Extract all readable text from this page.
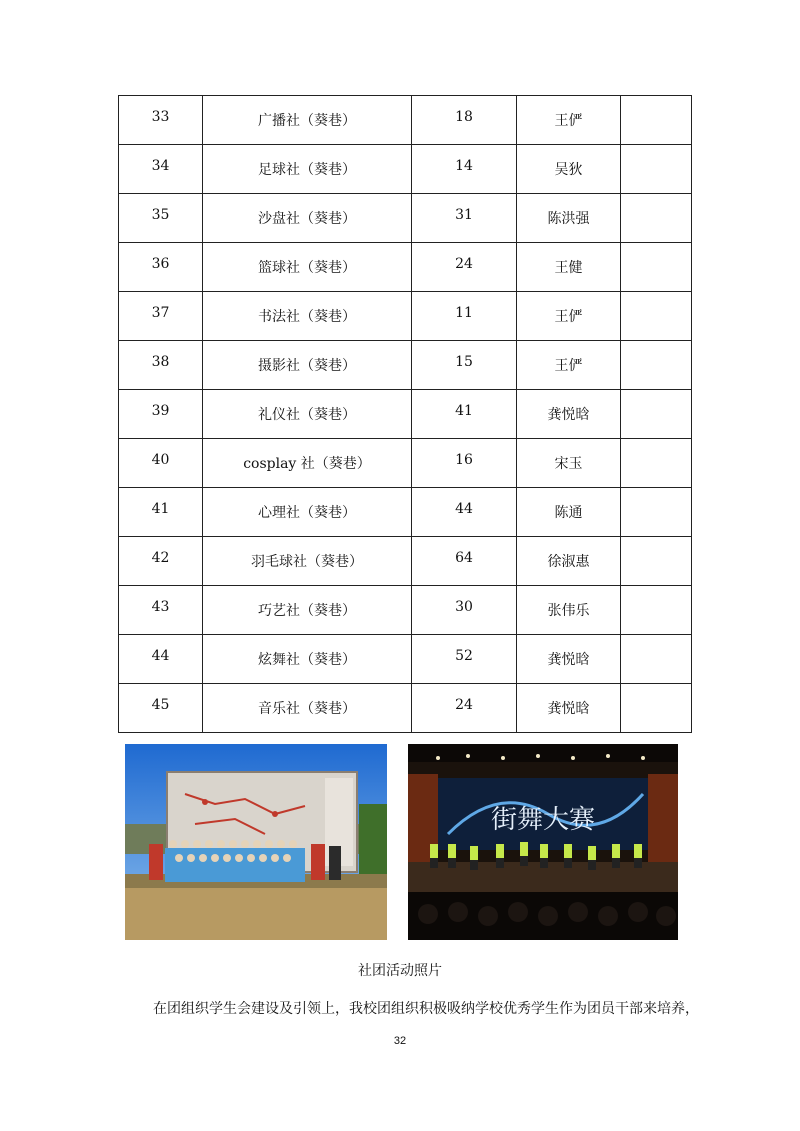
33	广播社（葵巷）	18	王俨	
34	足球社（葵巷）	14	吴狄	
35	沙盘社（葵巷）	31	陈洪强	
36	篮球社（葵巷）	24	王健	
37	书法社（葵巷）	11	王俨	
38	摄影社（葵巷）	15	王俨	
39	礼仪社（葵巷）	41	龚悦晗	
40	cosplay 社（葵巷）	16	宋玉	
41	心理社（葵巷）	44	陈通	
42	羽毛球社（葵巷）	64	徐淑惠	
43	巧艺社（葵巷）	30	张伟乐	
44	炫舞社（葵巷）	52	龚悦晗	
45	音乐社（葵巷）	24	龚悦晗	
街舞大赛
社团活动照片
在团组织学生会建设及引领上，我校团组织积极吸纳学校优秀学生作为团员干部来培养，
32
